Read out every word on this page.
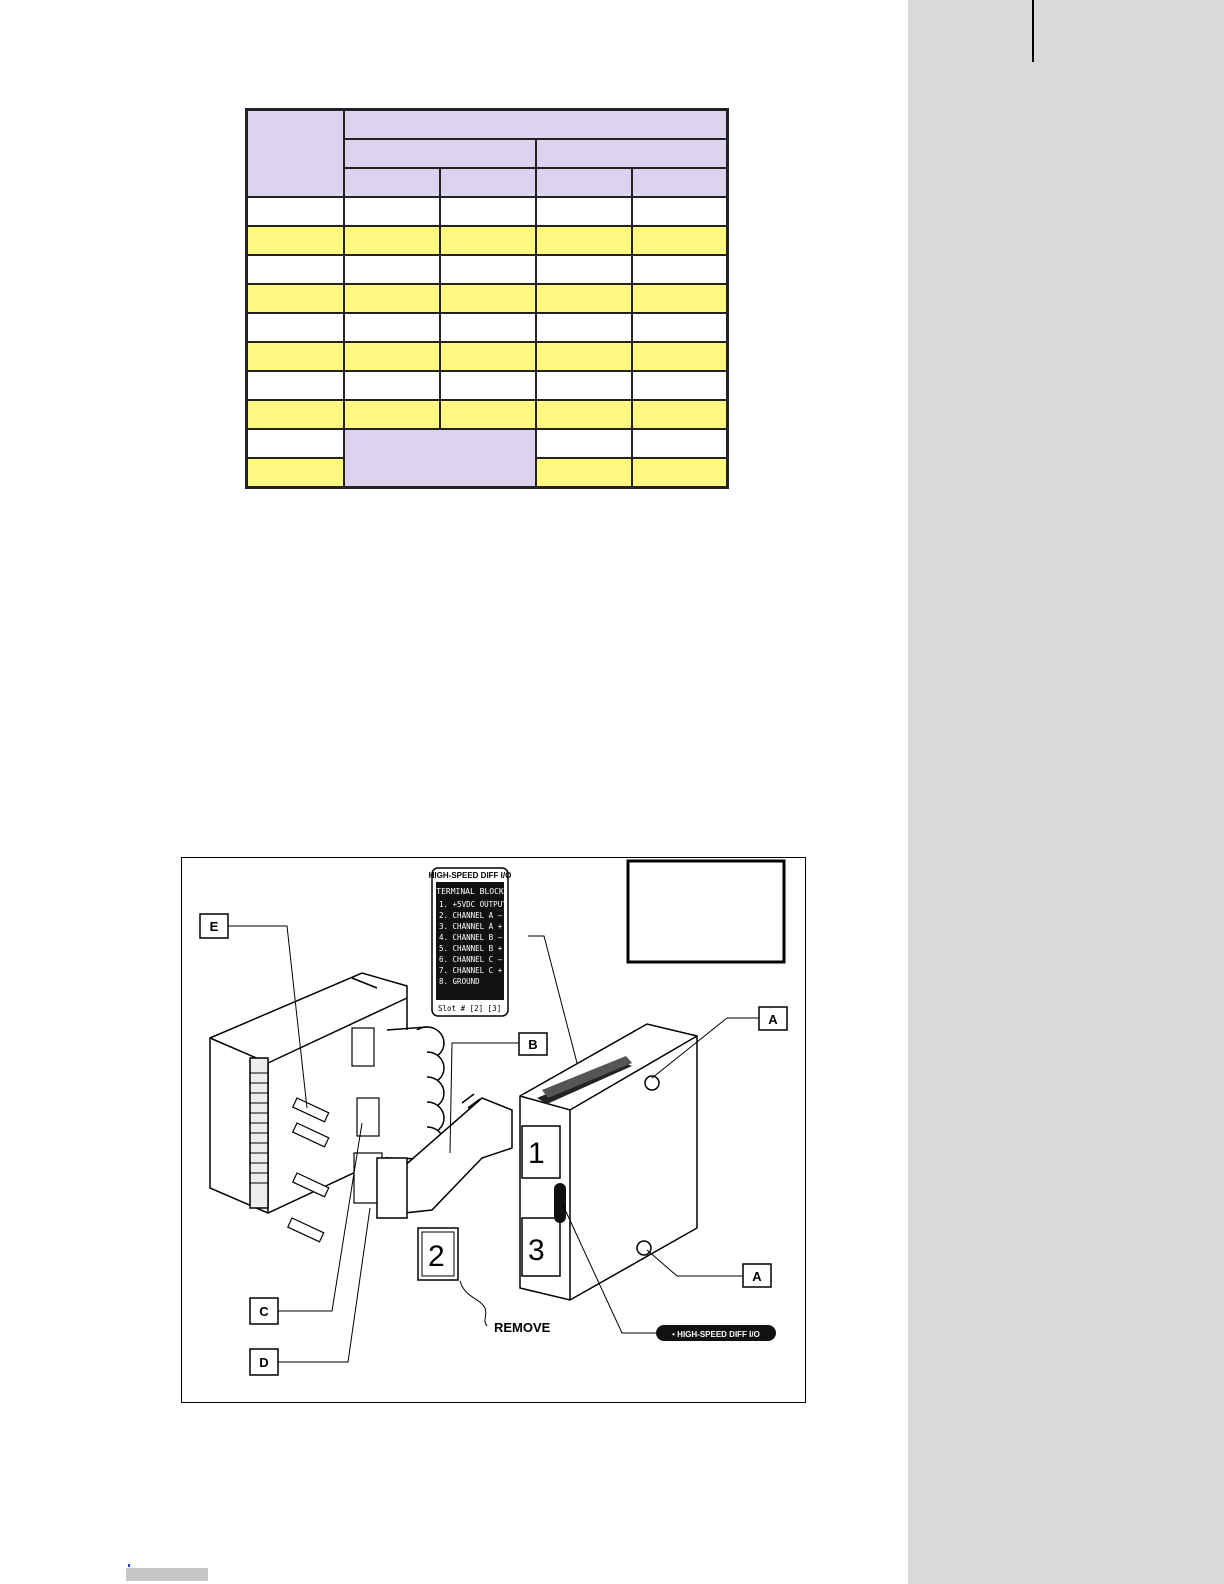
2
1
3
HIGH-SPEED DIFF I/O
TERMINAL BLOCK
1. +5VDC OUTPUT
2. CHANNEL A —
3. CHANNEL A +
4. CHANNEL B —
5. CHANNEL B +
6. CHANNEL C —
7. CHANNEL C +
8. GROUND
Slot # [2] [3]
E
B
A
A
C
D
REMOVE	• HIGH-SPEED DIFF I/O
